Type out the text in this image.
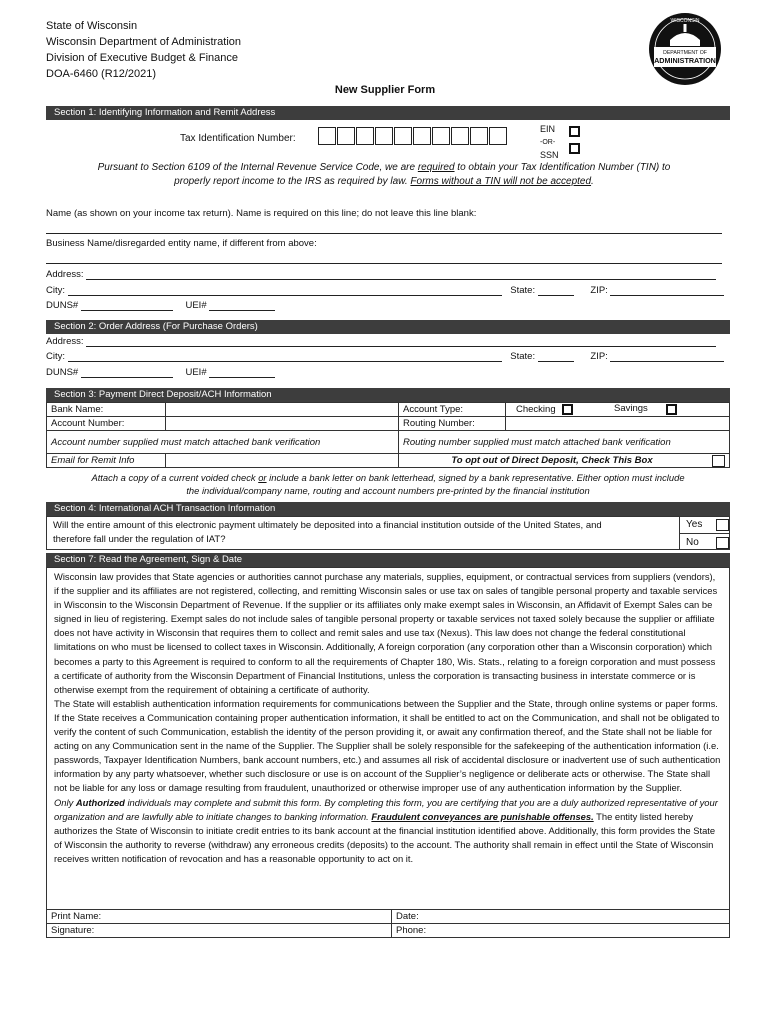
State of Wisconsin
Wisconsin Department of Administration
Division of Executive Budget & Finance
DOA-6460 (R12/2021)
DEPARTMENT OF
ADMINISTRATION
WISCONSIN
New Supplier Form
Section 1: Identifying Information and Remit Address
Tax Identification Number:
EIN
-OR-
SSN
Pursuant to Section 6109 of the Internal Revenue Service Code, we are required to obtain your Tax Identification Number (TIN) to
properly report income to the IRS as required by law. Forms without a TIN will not be accepted.
Name (as shown on your income tax return). Name is required on this line; do not leave this line blank:
Business Name/disregarded entity name, if different from above:
Address:
City:	State:	ZIP:
DUNS#	UEI#
Section 2: Order Address (For Purchase Orders)
Address:
City:	State:	ZIP:
DUNS#	UEI#
Section 3: Payment Direct Deposit/ACH Information
Bank Name:		Account Type:	Checking Savings

Account Number:		Routing Number:	
Account number supplied must match attached bank verification		Routing number supplied must match attached bank verification	
Email for Remit Info		To opt out of Direct Deposit, Check This Box	
Attach a copy of a current voided check or include a bank letter on bank letterhead, signed by a bank representative. Either option must include
the individual/company name, routing and account numbers pre-printed by the financial institution
Section 4: International ACH Transaction Information
Will the entire amount of this electronic payment ultimately be deposited into a financial institution outside of the United States, and
therefore fall under the regulation of IAT?
Yes
No
Section 7: Read the Agreement, Sign & Date
Wisconsin law provides that State agencies or authorities cannot purchase any materials, supplies, equipment, or contractual services from suppliers (vendors), if the supplier and its affiliates are not registered, collecting, and remitting Wisconsin sales or use tax on sales of tangible personal property and taxable services in Wisconsin to the Wisconsin Department of Revenue. If the supplier or its affiliates only make exempt sales in Wisconsin, an Affidavit of Exempt Sales can be signed in lieu of registering. Exempt sales do not include sales of tangible personal property or taxable services not taxed solely because the supplier or affiliate does not have activity in Wisconsin that requires them to collect and remit sales and use tax (Nexus). This law does not change the federal constitutional limitations on who must be licensed to collect taxes in Wisconsin. Additionally, A foreign corporation (any corporation other than a Wisconsin corporation) which becomes a party to this Agreement is required to conform to all the requirements of Chapter 180, Wis. Stats., relating to a foreign corporation and must possess a certificate of authority from the Wisconsin Department of Financial Institutions, unless the corporation is transacting business in interstate commerce or is otherwise exempt from the requirement of obtaining a certificate of authority.
The State will establish authentication information requirements for communications between the Supplier and the State, through online systems or paper forms. If the State receives a Communication containing proper authentication information, it shall be entitled to act on the Communication, and shall not be obligated to verify the content of such Communication, establish the identity of the person providing it, or await any confirmation thereof, and the State shall not be liable for acting on any Communication sent in the name of the Supplier. The Supplier shall be solely responsible for the safekeeping of the authentication information (i.e. passwords, Taxpayer Identification Numbers, bank account numbers, etc.) and assumes all risk of accidental disclosure or inadvertent use of such authentication information by any party whatsoever, whether such disclosure or use is on account of the Supplier’s negligence or deliberate acts or otherwise. The State shall not be liable for any loss or damage resulting from fraudulent, unauthorized or otherwise improper use of any authentication information by the Supplier.
Only Authorized individuals may complete and submit this form. By completing this form, you are certifying that you are a duly authorized representative of your organization and are lawfully able to initiate changes to banking information. Fraudulent conveyances are punishable offenses. The entity listed hereby authorizes the State of Wisconsin to initiate credit entries to its bank account at the financial institution identified above. Additionally, this form provides the State of Wisconsin the authority to reverse (withdraw) any erroneous credits (deposits) to the account. The authority shall remain in effect until the State of Wisconsin receives written notification of revocation and has a reasonable opportunity to act on it.
Print Name:	Date:
Signature:	Phone:
